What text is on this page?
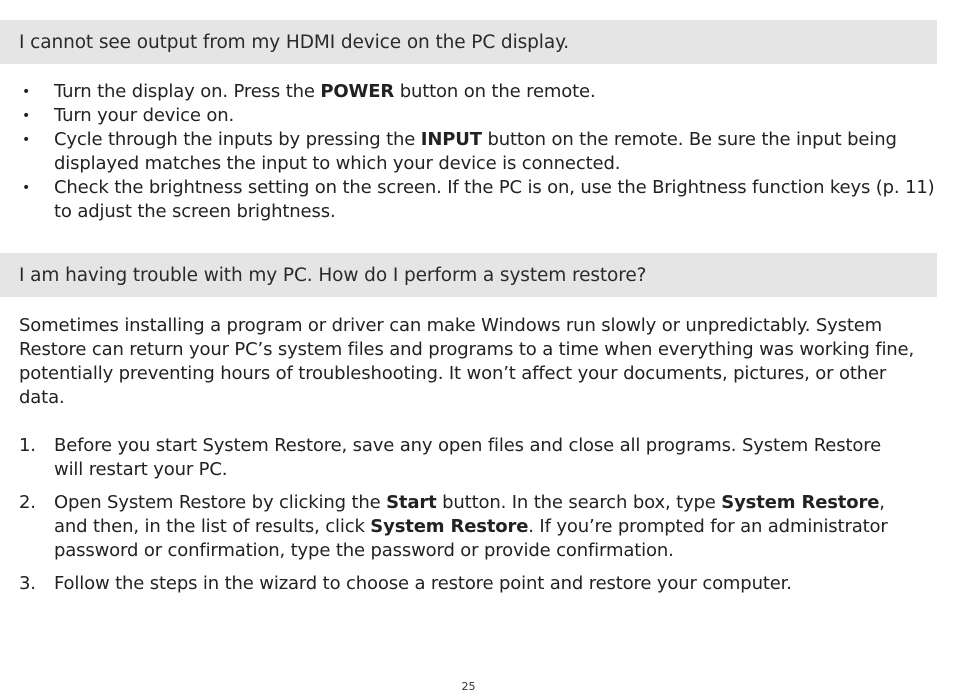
I cannot see output from my HDMI device on the PC display.
• Turn the display on. Press the POWER button on the remote.
• Turn your device on.
• Cycle through the inputs by pressing the INPUT button on the remote. Be sure the input being displayed matches the input to which your device is connected.
• Check the brightness setting on the screen. If the PC is on, use the Brightness function keys (p. 11) to adjust the screen brightness.
I am having trouble with my PC. How do I perform a system restore?

Sometimes installing a program or driver can make Windows run slowly or unpredictably. System Restore can return your PC’s system files and programs to a time when everything was working fine, potentially preventing hours of troubleshooting. It won’t affect your documents, pictures, or other data.

1. Before you start System Restore, save any open files and close all programs. System Restore will restart your PC.
2. Open System Restore by clicking the Start button. In the search box, type System Restore, and then, in the list of results, click System Restore. If you’re prompted for an administrator password or confirmation, type the password or provide confirmation.
3. Follow the steps in the wizard to choose a restore point and restore your computer.
25
